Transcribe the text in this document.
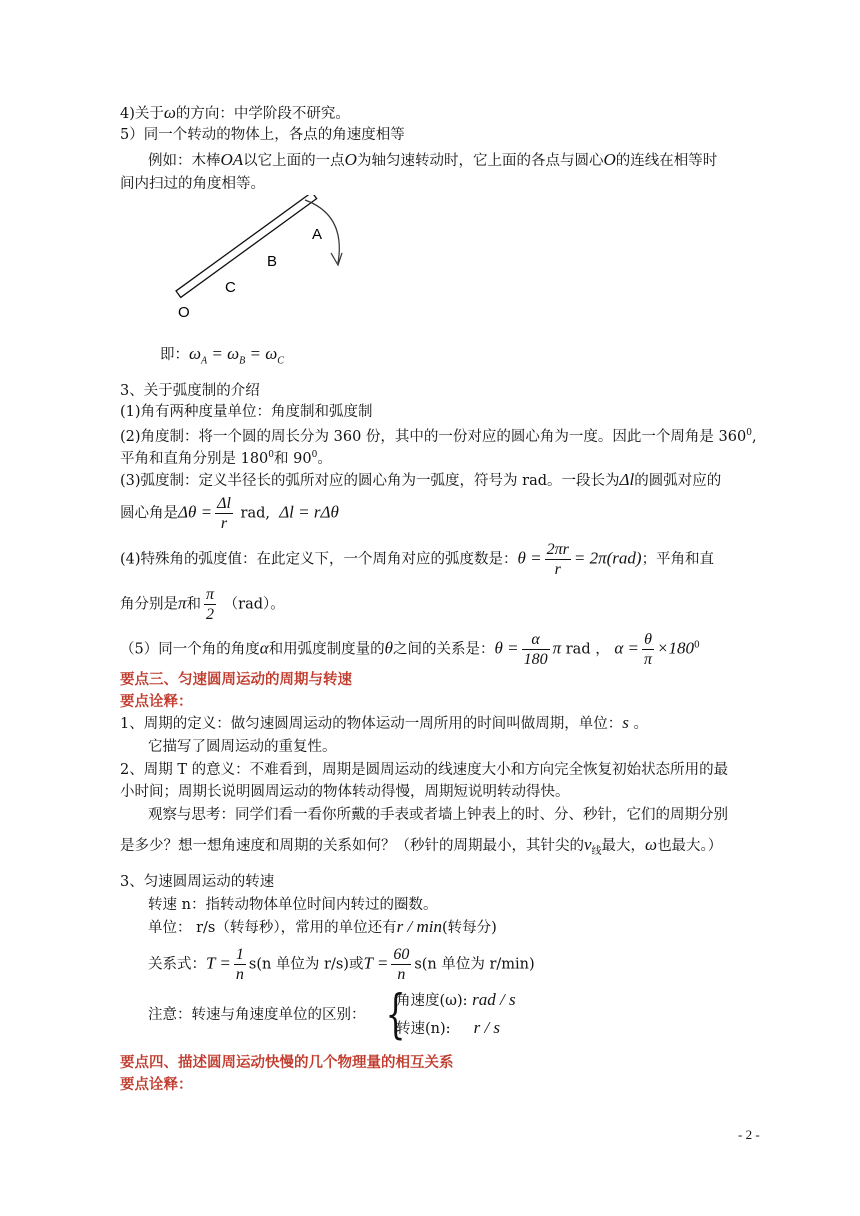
4)关于ω的方向：中学阶段不研究。
5）同一个转动的物体上，各点的角速度相等
例如：木棒OA以它上面的一点O为轴匀速转动时，它上面的各点与圆心O的连线在相等时
间内扫过的角度相等。
A
B
C
O
即：$\omega_A = \omega_B = \omega_C$
3、关于弧度制的介绍
(1)角有两种度量单位：角度制和弧度制
(2)角度制：将一个圆的周长分为 360 份，其中的一份对应的圆心角为一度。因此一个周角是 $360^0$,
平角和直角分别是 $180^0$和 $90^0$。
(3)弧度制：定义半径长的弧所对应的圆心角为一弧度，符号为 rad。一段长为Δl的圆弧对应的
圆心角是$\Delta\theta = \frac{\Delta l}{r}$ rad, Δl = rΔθ
(4)特殊角的弧度值：在此定义下，一个周角对应的弧度数是：$\theta = \frac{2\pi r}{r} = 2\pi(rad)$；平角和直
角分别是π和 $\frac{\pi}{2} (rad)$。
（5）同一个角的角度α和用弧度制度量的θ之间的关系是：$\theta = \frac{\alpha}{180}$ π rad ， $\alpha = \frac{\theta}{\pi} \times 180^0$
要点三、匀速圆周运动的周期与转速
要点诠释：
1、周期的定义：做匀速圆周运动的物体运动一周所用的时间叫做周期，单位：s 。
它描写了圆周运动的重复性。
2、周期 T 的意义：不难看到，周期是圆周运动的线速度大小和方向完全恢复初始状态所用的最
小时间；周期长说明圆周运动的物体转动得慢，周期短说明转动得快。
观察与思考：同学们看一看你所戴的手表或者墙上钟表上的时、分、秒针，它们的周期分别
是多少？想一想角速度和周期的关系如何？（秒针的周期最小，其针尖的$v_线$最大，ω也最大。）
3、匀速圆周运动的转速
转速 n：指转动物体单位时间内转过的圈数。
单位： r/s（转每秒），常用的单位还有r / min(转每分)
关系式：$T = \frac{1}{n} s(n$ 单位为 r/s)或$T = \frac{60}{n} s(n$ 单位为 r/min)
注意：转速与角速度单位的区别： {
角速度(ω): rad / s
转速(n): r / s
要点四、描述圆周运动快慢的几个物理量的相互关系
要点诠释：
- 2 -
